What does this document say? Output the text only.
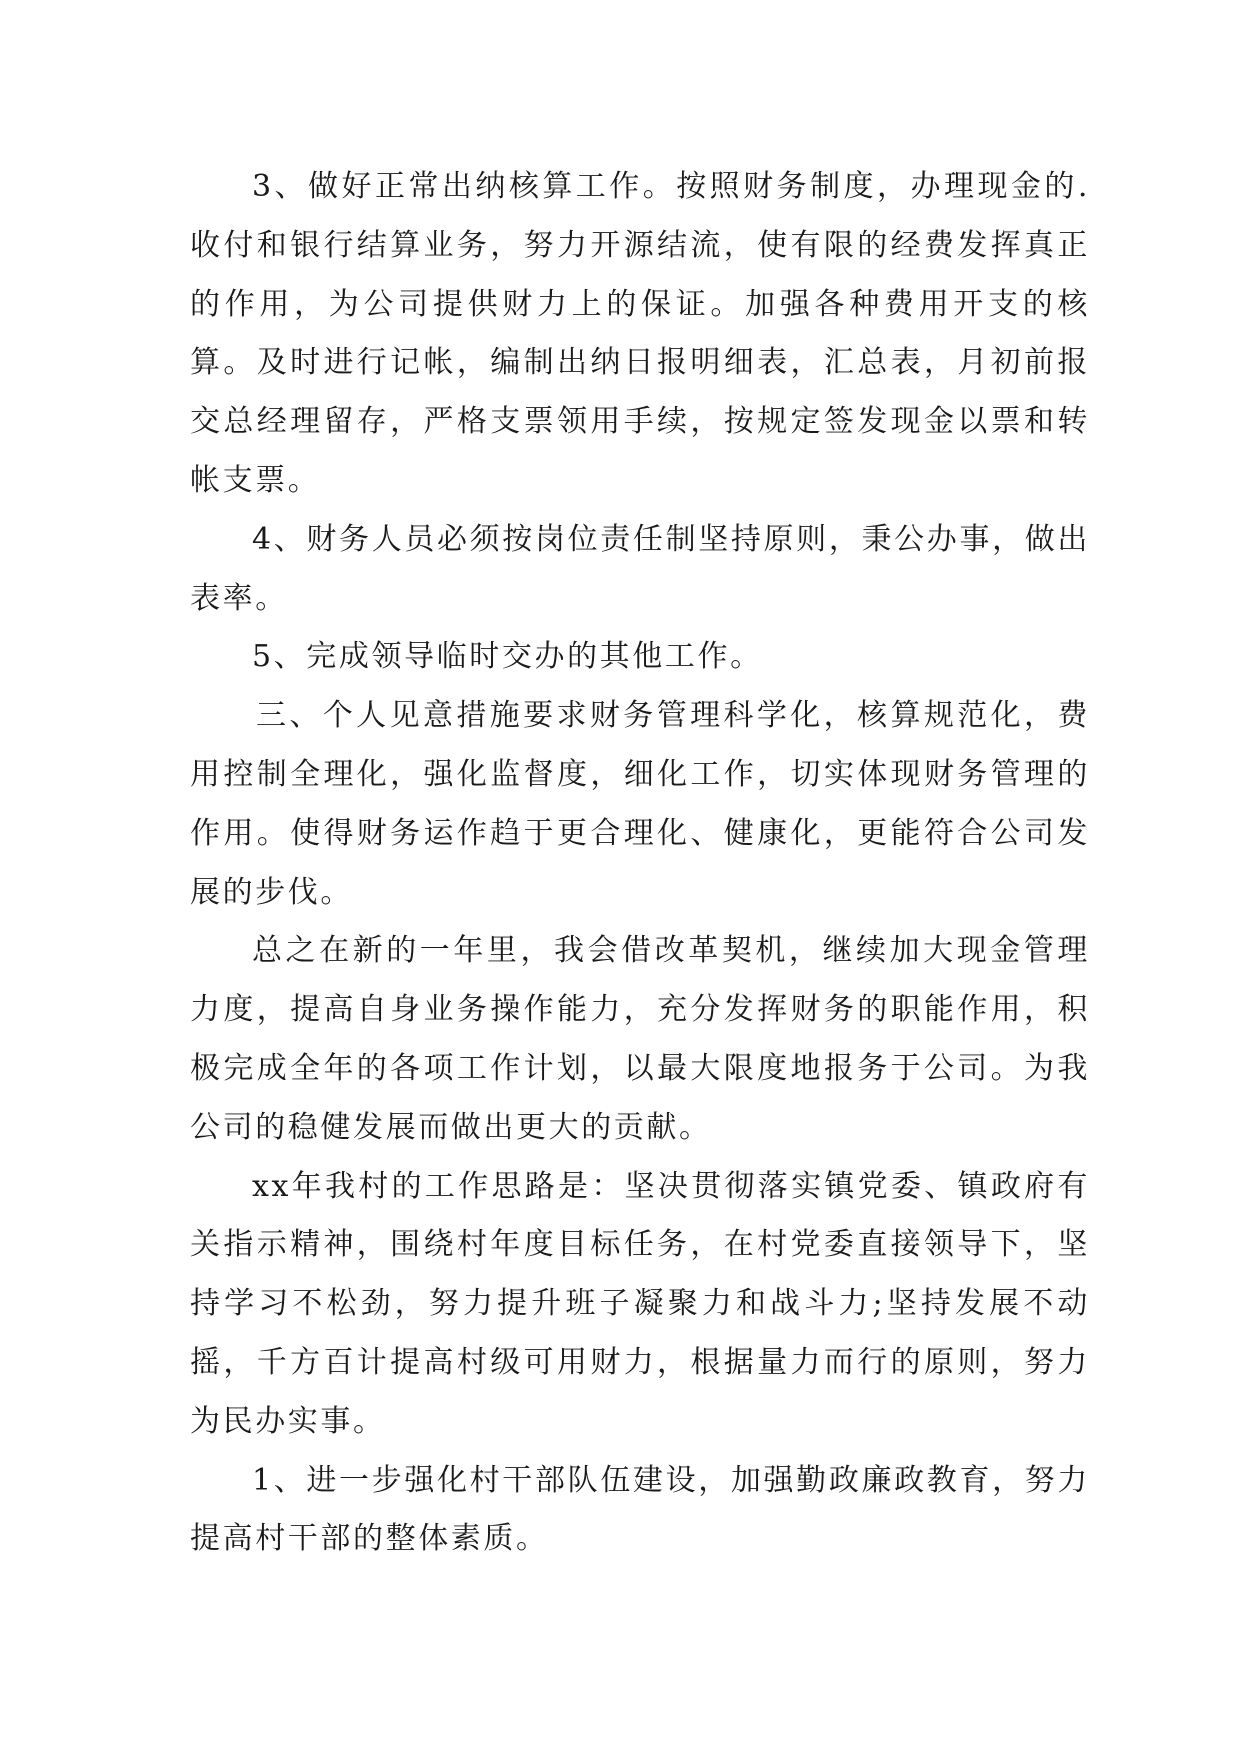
3、做好正常出纳核算工作。按照财务制度，办理现金的.收付和银行结算业务，努力开源结流，使有限的经费发挥真正的作用，为公司提供财力上的保证。加强各种费用开支的核算。及时进行记帐，编制出纳日报明细表，汇总表，月初前报交总经理留存，严格支票领用手续，按规定签发现金以票和转帐支票。

4、财务人员必须按岗位责任制坚持原则，秉公办事，做出表率。

5、完成领导临时交办的其他工作。

三、个人见意措施要求财务管理科学化，核算规范化，费用控制全理化，强化监督度，细化工作，切实体现财务管理的作用。使得财务运作趋于更合理化、健康化，更能符合公司发展的步伐。

总之在新的一年里，我会借改革契机，继续加大现金管理力度，提高自身业务操作能力，充分发挥财务的职能作用，积极完成全年的各项工作计划，以最大限度地报务于公司。为我公司的稳健发展而做出更大的贡献。

xx年我村的工作思路是：坚决贯彻落实镇党委、镇政府有关指示精神，围绕村年度目标任务，在村党委直接领导下，坚持学习不松劲，努力提升班子凝聚力和战斗力;坚持发展不动摇，千方百计提高村级可用财力，根据量力而行的原则，努力为民办实事。

1、进一步强化村干部队伍建设，加强勤政廉政教育，努力提高村干部的整体素质。
